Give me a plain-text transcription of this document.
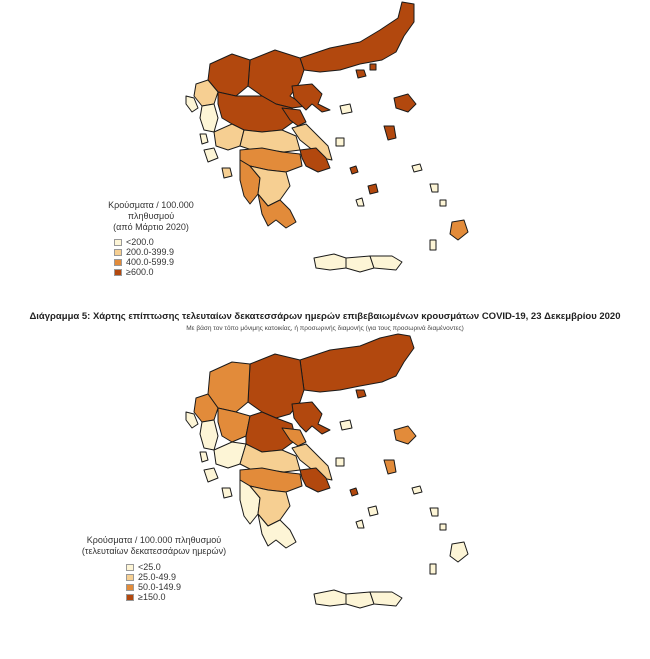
Κρούσματα / 100.000 πληθυσμού
(από Μάρτιο 2020)
<200.0
200.0-399.9
400.0-599.9
≥600.0
Διάγραμμα 5: Χάρτης επίπτωσης τελευταίων δεκατεσσάρων ημερών επιβεβαιωμένων κρουσμάτων COVID-19, 23 Δεκεμβρίου 2020
Με βάση τον τόπο μόνιμης κατοικίας, ή προσωρινής διαμονής (για τους προσωρινά διαμένοντες)
Κρούσματα / 100.000 πληθυσμού
(τελευταίων δεκατεσσάρων ημερών)
<25.0
25.0-49.9
50.0-149.9
≥150.0
